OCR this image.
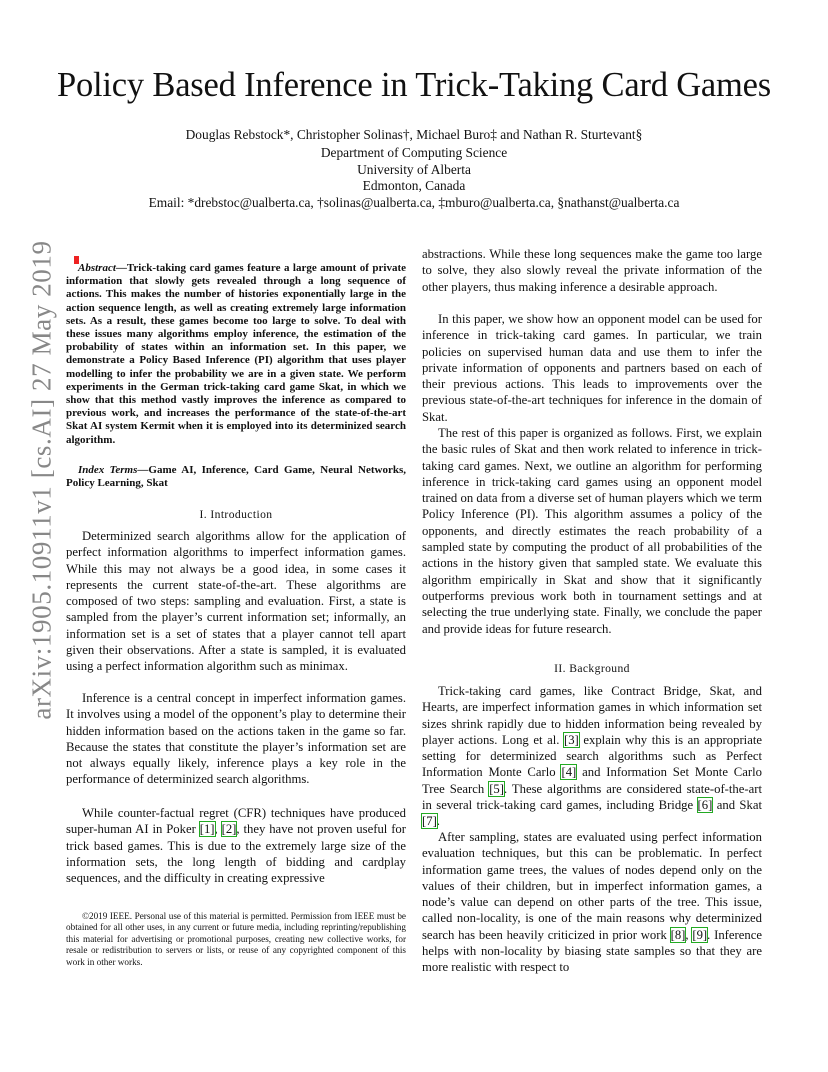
Policy Based Inference in Trick-Taking Card Games
Douglas Rebstock*, Christopher Solinas†, Michael Buro‡ and Nathan R. Sturtevant§
Department of Computing Science
University of Alberta
Edmonton, Canada
Email: *drebstoc@ualberta.ca, †solinas@ualberta.ca, ‡mburo@ualberta.ca, §nathanst@ualberta.ca
arXiv:1905.10911v1 [cs.AI] 27 May 2019	Abstract—Trick-taking card games feature a large amount of private information that slowly gets revealed through a long sequence of actions. This makes the number of histories exponentially large in the action sequence length, as well as creating extremely large information sets. As a result, these games become too large to solve. To deal with these issues many algorithms employ inference, the estimation of the probability of states within an information set. In this paper, we demonstrate a Policy Based Inference (PI) algorithm that uses player modelling to infer the probability we are in a given state. We perform experiments in the German trick-taking card game Skat, in which we show that this method vastly improves the inference as compared to previous work, and increases the performance of the state-of-the-art Skat AI system Kermit when it is employed into its determinized search algorithm.
Index Terms—Game AI, Inference, Card Game, Neural Networks, Policy Learning, Skat
I. Introduction
Determinized search algorithms allow for the application of perfect information algorithms to imperfect information games. While this may not always be a good idea, in some cases it represents the current state-of-the-art. These algorithms are composed of two steps: sampling and evaluation. First, a state is sampled from the player’s current information set; informally, an information set is a set of states that a player cannot tell apart given their observations. After a state is sampled, it is evaluated using a perfect information algorithm such as minimax.
Inference is a central concept in imperfect information games. It involves using a model of the opponent’s play to determine their hidden information based on the actions taken in the game so far. Because the states that constitute the player’s information set are not always equally likely, inference plays a key role in the performance of determinized search algorithms.
While counter-factual regret (CFR) techniques have produced super-human AI in Poker [1], [2], they have not proven useful for trick based games. This is due to the extremely large size of the information sets, the long length of bidding and cardplay sequences, and the difficulty in creating expressive
©2019 IEEE. Personal use of this material is permitted. Permission from IEEE must be obtained for all other uses, in any current or future media, including reprinting/republishing this material for advertising or promotional purposes, creating new collective works, for resale or redistribution to servers or lists, or reuse of any copyrighted component of this work in other works.
abstractions. While these long sequences make the game too large to solve, they also slowly reveal the private information of the other players, thus making inference a desirable approach.
In this paper, we show how an opponent model can be used for inference in trick-taking card games. In particular, we train policies on supervised human data and use them to infer the private information of opponents and partners based on each of their previous actions. This leads to improvements over the previous state-of-the-art techniques for inference in the domain of Skat.
The rest of this paper is organized as follows. First, we explain the basic rules of Skat and then work related to inference in trick-taking card games. Next, we outline an algorithm for performing inference in trick-taking card games using an opponent model trained on data from a diverse set of human players which we term Policy Inference (PI). This algorithm assumes a policy of the opponents, and directly estimates the reach probability of a sampled state by computing the product of all probabilities of the actions in the history given that sampled state. We evaluate this algorithm empirically in Skat and show that it significantly outperforms previous work both in tournament settings and at selecting the true underlying state. Finally, we conclude the paper and provide ideas for future research.
II. Background
Trick-taking card games, like Contract Bridge, Skat, and Hearts, are imperfect information games in which information set sizes shrink rapidly due to hidden information being revealed by player actions. Long et al. [3] explain why this is an appropriate setting for determinized search algorithms such as Perfect Information Monte Carlo [4] and Information Set Monte Carlo Tree Search [5]. These algorithms are considered state-of-the-art in several trick-taking card games, including Bridge [6] and Skat [7].
After sampling, states are evaluated using perfect information evaluation techniques, but this can be problematic. In perfect information game trees, the values of nodes depend only on the values of their children, but in imperfect information games, a node’s value can depend on other parts of the tree. This issue, called non-locality, is one of the main reasons why determinized search has been heavily criticized in prior work [8], [9]. Inference helps with non-locality by biasing state samples so that they are more realistic with respect to
